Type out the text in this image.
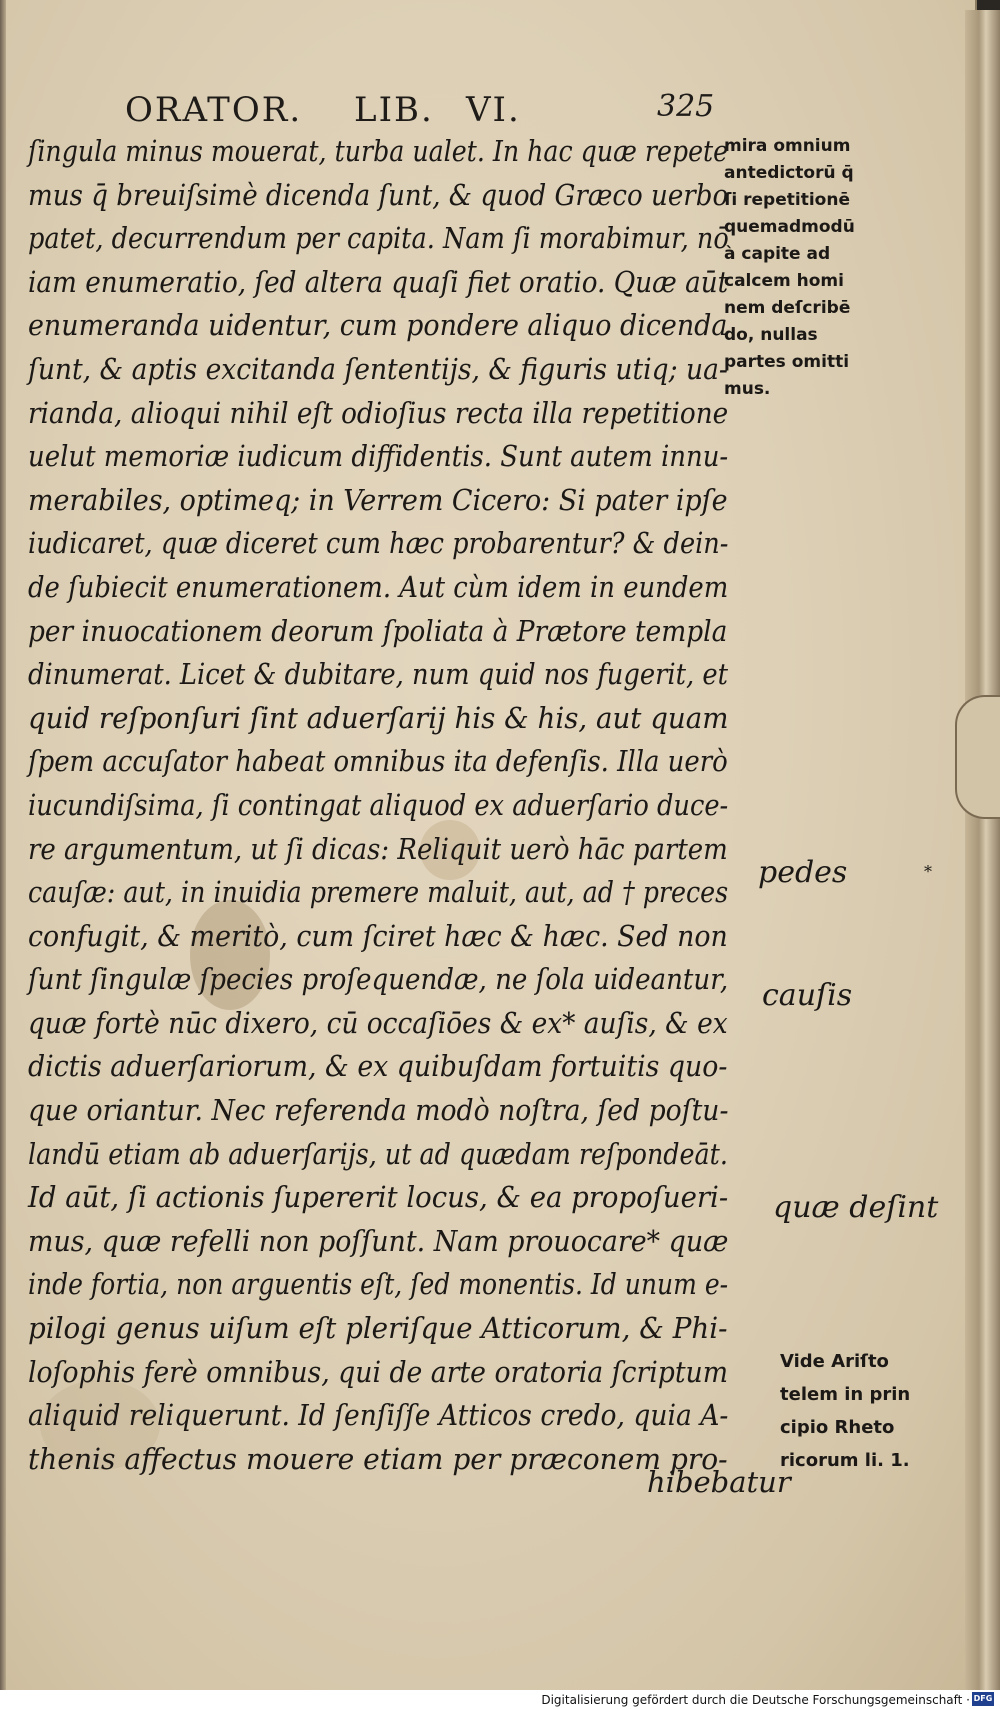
ORATOR. LIB. VI.	325
ſingula minus mouerat, turba ualet. In hac quæ repete
mus q̄ breuiſsimè dicenda ſunt, & quod Græco uerbo
patet, decurrendum per capita. Nam ſi morabimur, nō
iam enumeratio, ſed altera quaſi fiet oratio. Quæ aūt
enumeranda uidentur, cum pondere aliquo dicenda
ſunt, & aptis excitanda ſententijs, & figuris utiq; ua-
rianda, alioqui nihil eſt odioſius recta illa repetitione
uelut memoriæ iudicum diffidentis. Sunt autem innu-
merabiles, optimeq; in Verrem Cicero: Si pater ipſe
iudicaret, quæ diceret cum hæc probarentur? & dein-
de ſubiecit enumerationem. Aut cùm idem in eundem
per inuocationem deorum ſpoliata à Prætore templa
dinumerat. Licet & dubitare, num quid nos fugerit, et
quid reſponſuri ſint aduerſarij his & his, aut quam
ſpem accuſator habeat omnibus ita defenſis. Illa uerò
iucundiſsima, ſi contingat aliquod ex aduerſario duce-
re argumentum, ut ſi dicas: Reliquit uerò hāc partem
cauſæ: aut, in inuidia premere maluit, aut, ad † preces
confugit, & meritò, cum ſciret hæc & hæc. Sed non
ſunt ſingulæ ſpecies proſequendæ, ne ſola uideantur,
quæ fortè nūc dixero, cū occaſiōes & ex* auſis, & ex
dictis aduerſariorum, & ex quibuſdam fortuitis quo-
que oriantur. Nec referenda modò noſtra, ſed poſtu-
landū etiam ab aduerſarijs, ut ad quædam reſpondeāt.
Id aūt, ſi actionis ſupererit locus, & ea propoſueri-
mus, quæ refelli non poſſunt. Nam prouocare* quæ
inde fortia, non arguentis eſt, ſed monentis. Id unum e-
pilogi genus uiſum eſt pleriſque Atticorum, & Phi-
loſophis ferè omnibus, qui de arte oratoria ſcriptum
aliquid reliquerunt. Id ſenſiſſe Atticos credo, quia A-
thenis affectus mouere etiam per præconem pro-
mira omnium
antedictorū q̄
ſi repetitionē
quemadmodū
à capite ad
calcem homi
nem deſcribē
do, nullas
partes omitti
mus.
Vide Ariſto
telem in prin
cipio Rheto
ricorum li. 1.
pedes	*
cauſis
quæ deſint
hibebatur
Digitalisierung gefördert durch die Deutsche Forschungsgemeinschaft · DFG
